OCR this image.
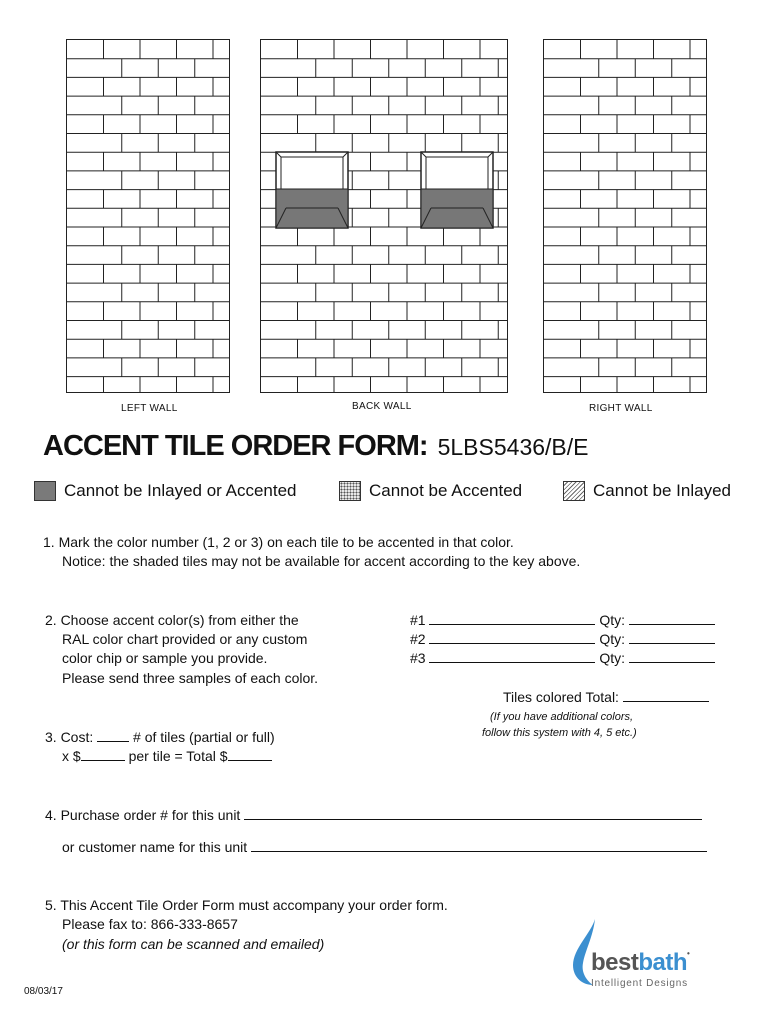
LEFT WALL	BACK WALL	RIGHT WALL
ACCENT TILE ORDER FORM: 5LBS5436/B/E
Cannot be Inlayed or Accented	Cannot be Accented	Cannot be Inlayed
1. Mark the color number (1, 2 or 3) on each tile to be accented in that color.
Notice: the shaded tiles may not be available for accent according to the key above.
2. Choose accent color(s) from either the
RAL color chart provided or any custom
color chip or sample you provide.
Please send three samples of each color.
#1	Qty:
#2	Qty:
#3	Qty:
Tiles colored Total:
(If you have additional colors,
follow this system with 4, 5 etc.)
3. Cost:	# of tiles (partial or full)
x $	per tile = Total $
4. Purchase order # for this unit
or customer name for this unit
5. This Accent Tile Order Form must accompany your order form.
Please fax to: 866-333-8657
(or this form can be scanned and emailed)
08/03/17
bestbath•
Intelligent Designs
